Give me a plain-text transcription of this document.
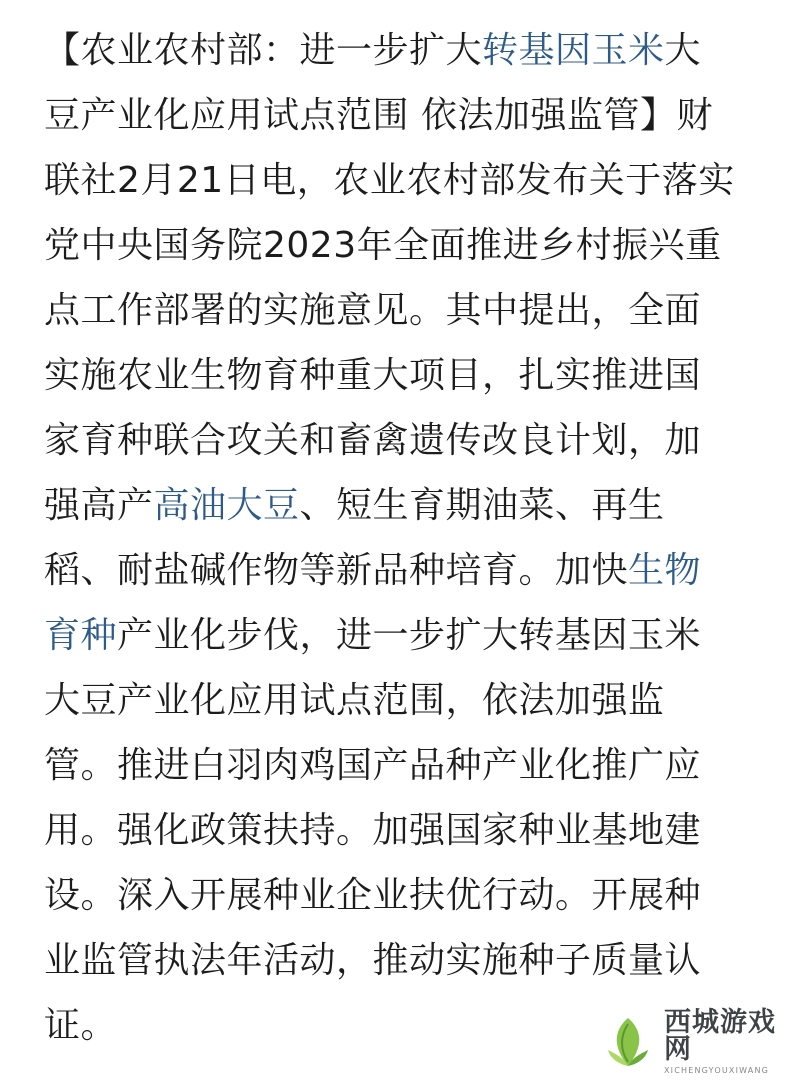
【农业农村部：进一步扩大转基因玉米大
豆产业化应用试点范围 依法加强监管】财
联社2月21日电，农业农村部发布关于落实
党中央国务院2023年全面推进乡村振兴重
点工作部署的实施意见。其中提出，全面
实施农业生物育种重大项目，扎实推进国
家育种联合攻关和畜禽遗传改良计划，加
强高产高油大豆、短生育期油菜、再生
稻、耐盐碱作物等新品种培育。加快生物
育种产业化步伐，进一步扩大转基因玉米
大豆产业化应用试点范围，依法加强监
管。推进白羽肉鸡国产品种产业化推广应
用。强化政策扶持。加强国家种业基地建
设。深入开展种业企业扶优行动。开展种
业监管执法年活动，推动实施种子质量认
证。	西城游戏网
XICHENGYOUXIWANG
